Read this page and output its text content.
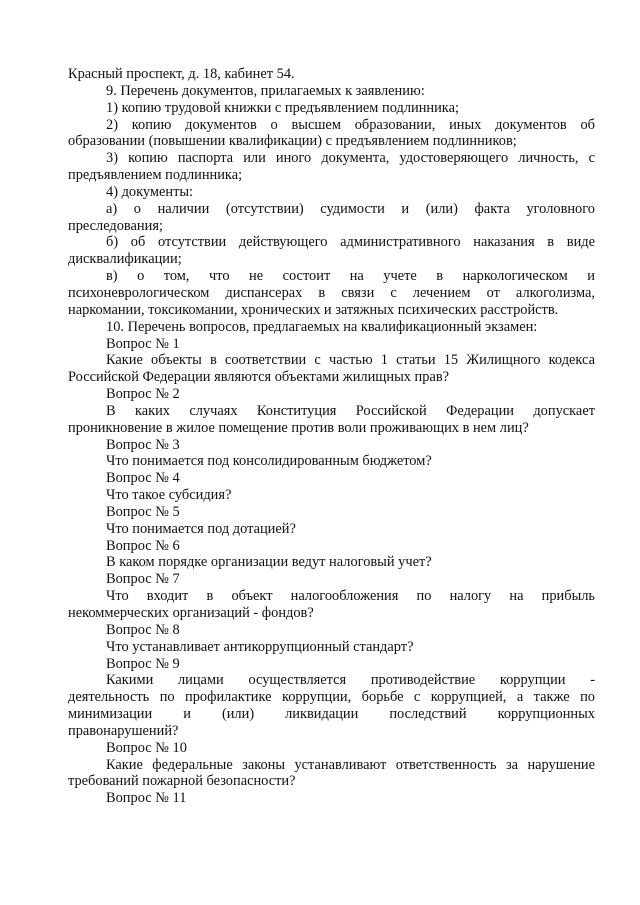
Красный проспект, д. 18, кабинет 54.
9. Перечень документов, прилагаемых к заявлению:
1) копию трудовой книжки с предъявлением подлинника;
2) копию документов о высшем образовании, иных документов об
образовании (повышении квалификации) с предъявлением подлинников;
3) копию паспорта или иного документа, удостоверяющего личность, с
предъявлением подлинника;
4) документы:
а) о наличии (отсутствии) судимости и (или) факта уголовного
преследования;
б) об отсутствии действующего административного наказания в виде
дисквалификации;
в) о том, что не состоит на учете в наркологическом и
психоневрологическом диспансерах в связи с лечением от алкоголизма,
наркомании, токсикомании, хронических и затяжных психических расстройств.
10. Перечень вопросов, предлагаемых на квалификационный экзамен:
Вопрос № 1
Какие объекты в соответствии с частью 1 статьи 15 Жилищного кодекса
Российской Федерации являются объектами жилищных прав?
Вопрос № 2
В каких случаях Конституция Российской Федерации допускает
проникновение в жилое помещение против воли проживающих в нем лиц?
Вопрос № 3
Что понимается под консолидированным бюджетом?
Вопрос № 4
Что такое субсидия?
Вопрос № 5
Что понимается под дотацией?
Вопрос № 6
В каком порядке организации ведут налоговый учет?
Вопрос № 7
Что входит в объект налогообложения по налогу на прибыль
некоммерческих организаций - фондов?
Вопрос № 8
Что устанавливает антикоррупционный стандарт?
Вопрос № 9
Какими лицами осуществляется противодействие коррупции -
деятельность по профилактике коррупции, борьбе с коррупцией, а также по
минимизации и (или) ликвидации последствий коррупционных
правонарушений?
Вопрос № 10
Какие федеральные законы устанавливают ответственность за нарушение
требований пожарной безопасности?
Вопрос № 11
